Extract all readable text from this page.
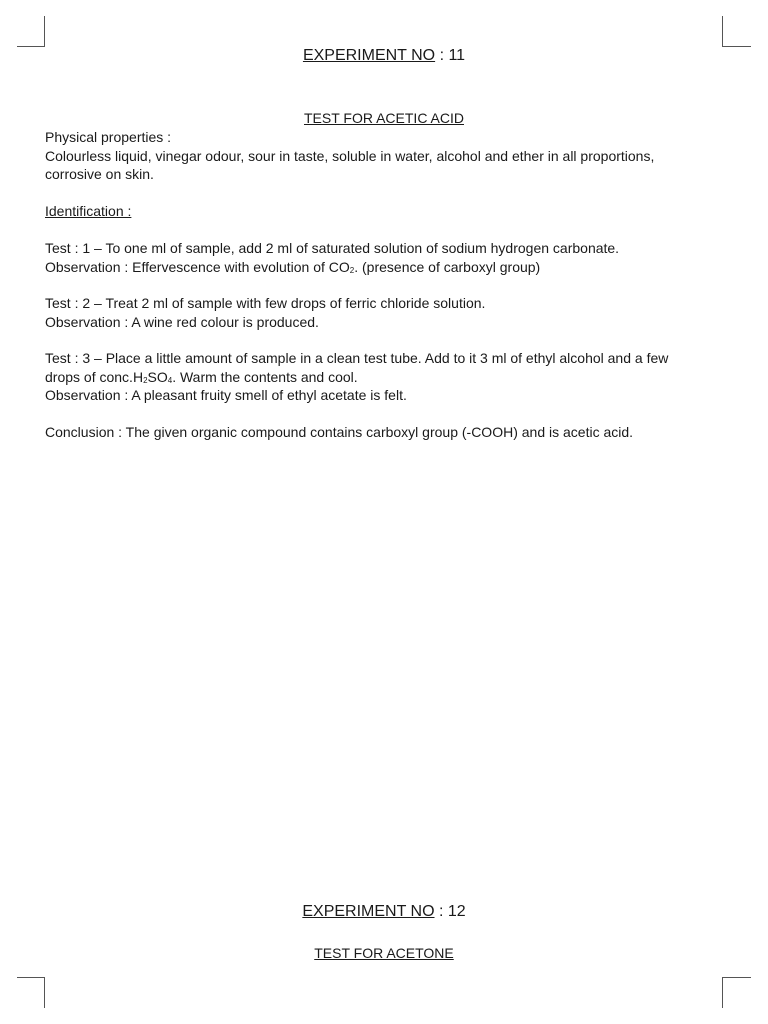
EXPERIMENT NO : 11
TEST FOR ACETIC ACID
Physical properties :
Colourless liquid, vinegar odour, sour in taste, soluble in water, alcohol and ether in all proportions,
corrosive on skin.
Identification :
Test : 1 – To one ml of sample, add 2 ml of saturated solution of sodium hydrogen carbonate.
Observation : Effervescence with evolution of $CO_2$. (presence of carboxyl group)
Test : 2 – Treat 2 ml of sample with few drops of ferric chloride solution.
Observation : A wine red colour is produced.
Test : 3 – Place a little amount of sample in a clean test tube. Add to it 3 ml of ethyl alcohol and a few
drops of $conc.H_2SO_4$. Warm the contents and cool.
Observation : A pleasant fruity smell of ethyl acetate is felt.
Conclusion : The given organic compound contains carboxyl group (-COOH) and is acetic acid.
EXPERIMENT NO : 12
TEST FOR ACETONE
